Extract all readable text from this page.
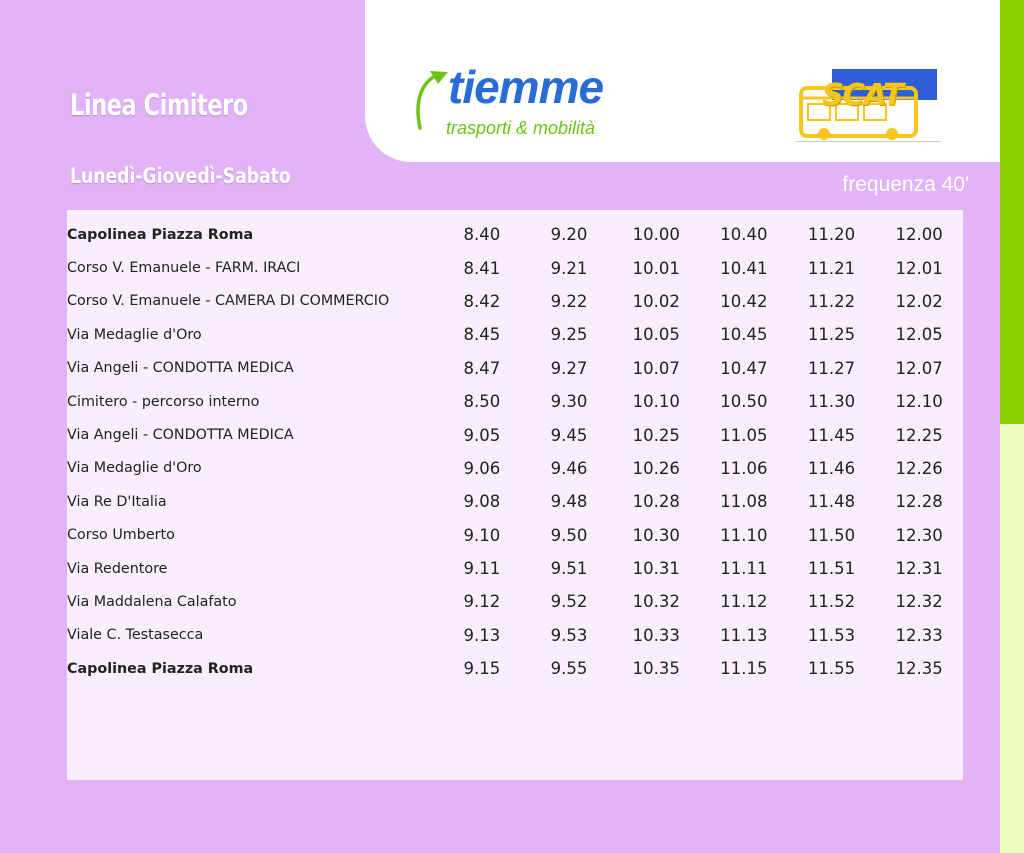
Linea Cimitero
Lunedì-Giovedì-Sabato	frequenza 40'
tiemme
trasporti & mobilità
SCAT
Capolinea Piazza Roma	8.40	9.20	10.00	10.40	11.20	12.00
Corso V. Emanuele - FARM. IRACI	8.41	9.21	10.01	10.41	11.21	12.01
Corso V. Emanuele - CAMERA DI COMMERCIO	8.42	9.22	10.02	10.42	11.22	12.02
Via Medaglie d'Oro	8.45	9.25	10.05	10.45	11.25	12.05
Via Angeli - CONDOTTA MEDICA	8.47	9.27	10.07	10.47	11.27	12.07
Cimitero - percorso interno	8.50	9.30	10.10	10.50	11.30	12.10
Via Angeli - CONDOTTA MEDICA	9.05	9.45	10.25	11.05	11.45	12.25
Via Medaglie d'Oro	9.06	9.46	10.26	11.06	11.46	12.26
Via Re D'Italia	9.08	9.48	10.28	11.08	11.48	12.28
Corso Umberto	9.10	9.50	10.30	11.10	11.50	12.30
Via Redentore	9.11	9.51	10.31	11.11	11.51	12.31
Via Maddalena Calafato	9.12	9.52	10.32	11.12	11.52	12.32
Viale C. Testasecca	9.13	9.53	10.33	11.13	11.53	12.33
Capolinea Piazza Roma	9.15	9.55	10.35	11.15	11.55	12.35
